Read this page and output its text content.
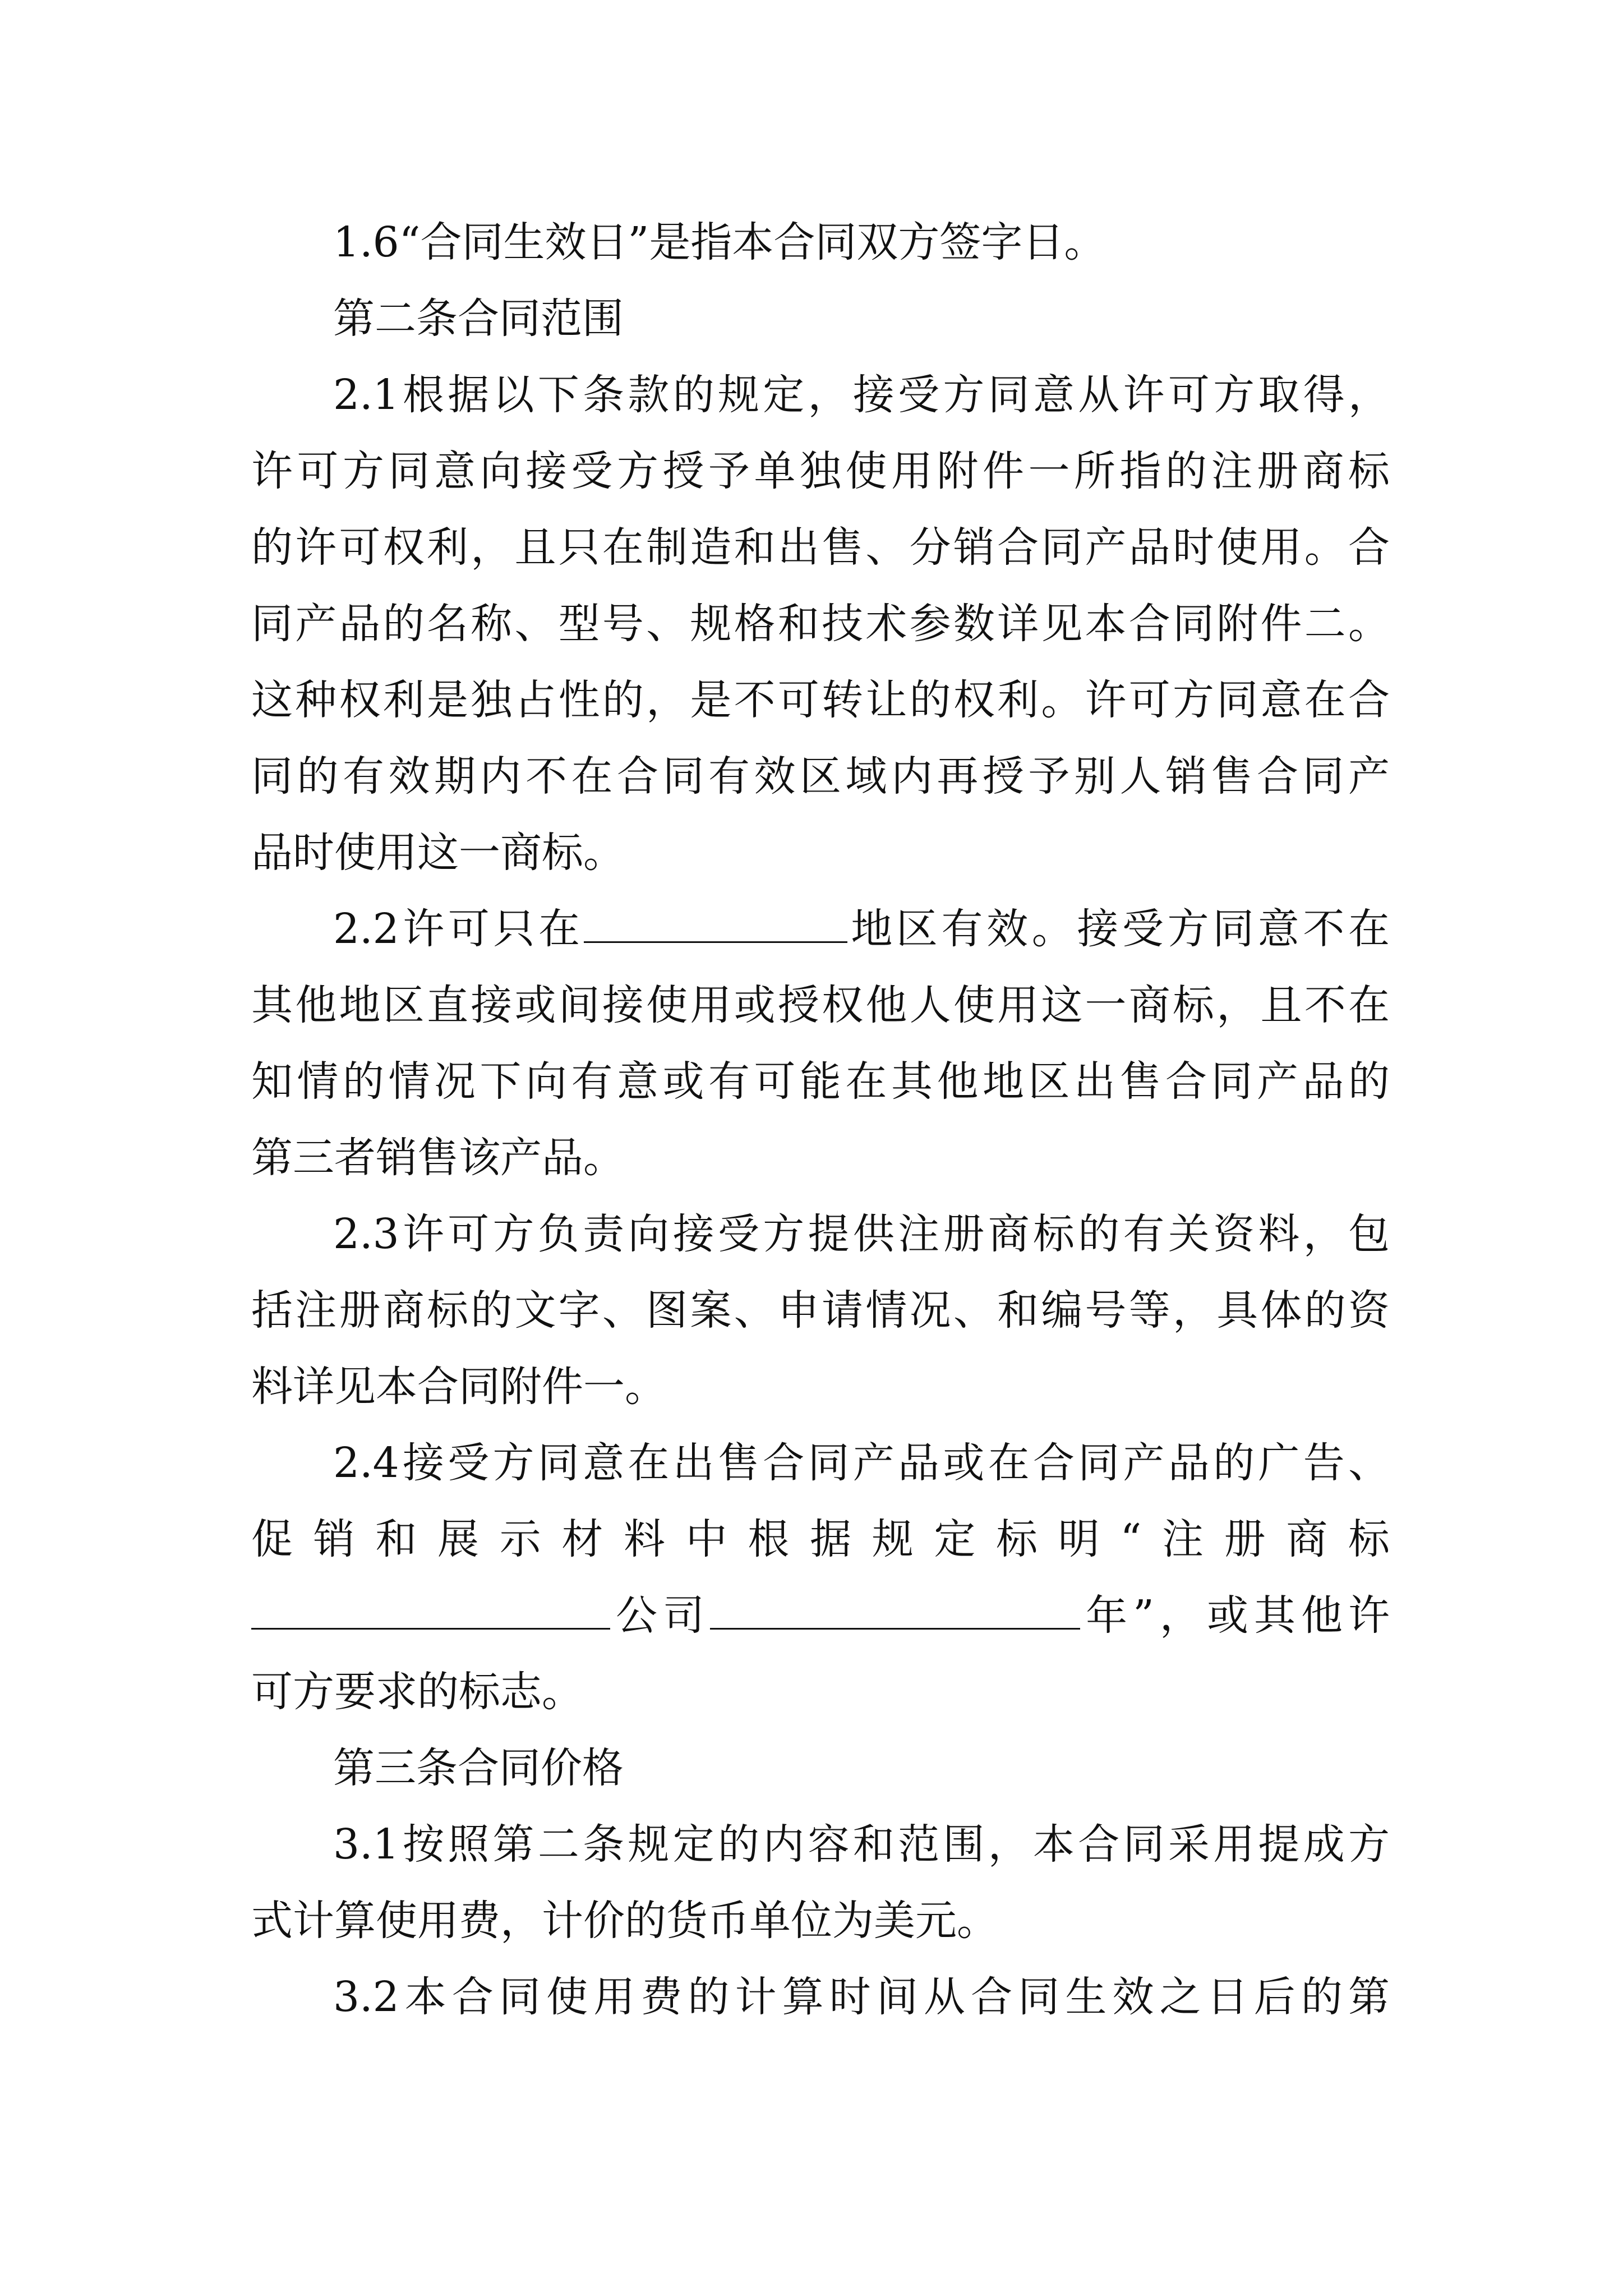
1.6“合同生效日”是指本合同双方签字日。
第二条合同范围
2.1根据以下条款的规定，接受方同意从许可方取得，
许可方同意向接受方授予单独使用附件一所指的注册商标
的许可权利，且只在制造和出售、分销合同产品时使用。合
同产品的名称、型号、规格和技术参数详见本合同附件二。
这种权利是独占性的，是不可转让的权利。许可方同意在合
同的有效期内不在合同有效区域内再授予别人销售合同产
品时使用这一商标。
2.2许可只在	地区有效。接受方同意不在
其他地区直接或间接使用或授权他人使用这一商标，且不在
知情的情况下向有意或有可能在其他地区出售合同产品的
第三者销售该产品。
2.3许可方负责向接受方提供注册商标的有关资料，包
括注册商标的文字、图案、申请情况、和编号等，具体的资
料详见本合同附件一。
2.4接受方同意在出售合同产品或在合同产品的广告、
促销和展示材料中根据规定标明“注册商标
公司	年”，或其他许
可方要求的标志。
第三条合同价格
3.1按照第二条规定的内容和范围，本合同采用提成方
式计算使用费，计价的货币单位为美元。
3.2本合同使用费的计算时间从合同生效之日后的第
